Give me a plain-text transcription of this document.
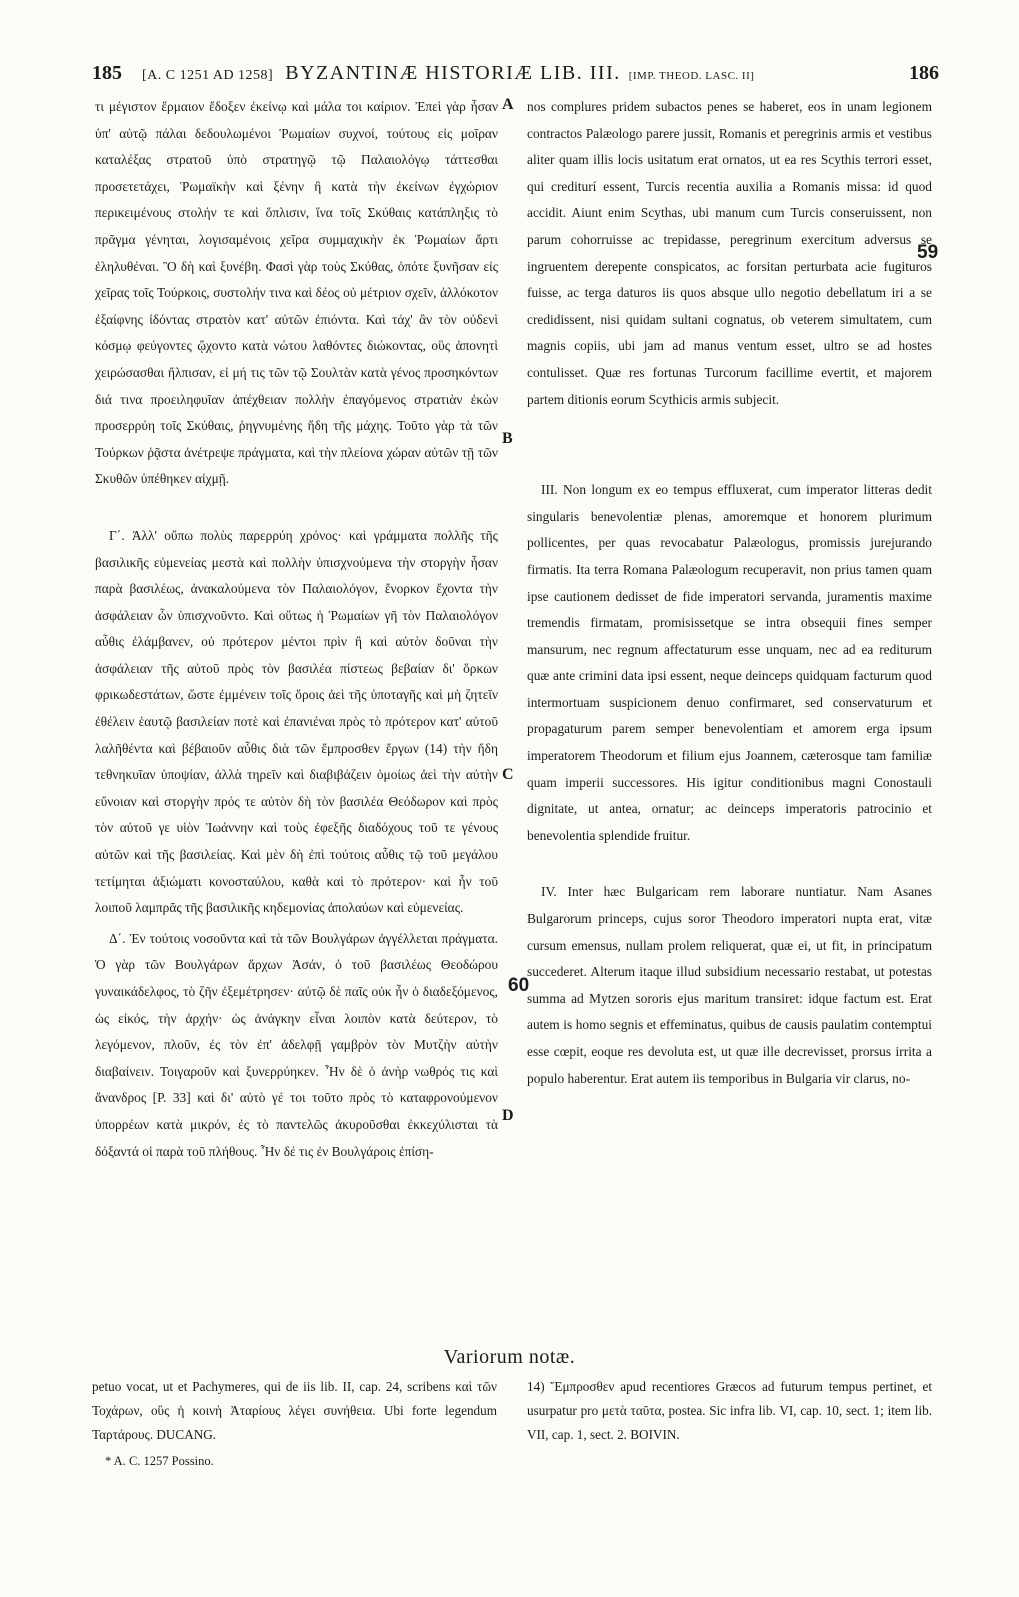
185 [A. C 1251 AD 1258] BYZANTINÆ HISTORIÆ LIB. III. [IMP. THEOD. LASC. II]	186

τι μέγιστον ἔρμαιον ἔδοξεν ἐκείνῳ καὶ μάλα τοι καίριον. Ἐπεὶ γὰρ ἦσαν ὑπ' αὐτῷ πάλαι δεδουλωμένοι Ῥωμαίων συχνοί, τούτους εἰς μοῖραν καταλέξας στρατοῦ ὑπὸ στρατηγῷ τῷ Παλαιολόγῳ τάττεσθαι προσετετάχει, Ῥωμαϊκὴν καὶ ξένην ἢ κατὰ τὴν ἐκείνων ἐγχώριον περικειμένους στολήν τε καὶ ὅπλισιν, ἵνα τοῖς Σκύθαις κατάπληξις τὸ πρᾶγμα γένηται, λογισαμένοις χεῖρα συμμαχικὴν ἐκ Ῥωμαίων ἄρτι ἐληλυθέναι. Ὃ δὴ καὶ ξυνέβη. Φασὶ γὰρ τοὺς Σκύθας, ὁπότε ξυνῆσαν εἰς χεῖρας τοῖς Τούρκοις, συστολήν τινα καὶ δέος οὐ μέτριον σχεῖν, ἀλλόκοτον ἐξαίφνης ἰδόντας στρατὸν κατ' αὐτῶν ἐπιόντα. Καὶ τάχ' ἂν τὸν οὐδενὶ κόσμῳ φεύγοντες ᾤχοντο κατὰ νώτου λαθόντες διώκοντας, οὓς ἀπονητὶ χειρώσασθαι ἤλπισαν, εἰ μή τις τῶν τῷ Σουλτὰν κατὰ γένος προσηκόντων διά τινα προειληφυῖαν ἀπέχθειαν πολλὴν ἐπαγόμενος στρατιὰν ἐκὼν προσερρύη τοῖς Σκύθαις, ῥηγνυμένης ἤδη τῆς μάχης. Τοῦτο γὰρ τὰ τῶν Τούρκων ῥᾷστα ἀνέτρεψε πράγματα, καὶ τὴν πλείονα χώραν αὐτῶν τῇ τῶν Σκυθῶν ὑπέθηκεν αἰχμῇ.

Γ΄. Ἀλλ' οὔπω πολὺς παρερρύη χρόνος· καὶ γράμματα πολλῆς τῆς βασιλικῆς εὐμενείας μεστὰ καὶ πολλὴν ὑπισχνούμενα τὴν στοργὴν ἧσαν παρὰ βασιλέως, ἀνακαλούμενα τὸν Παλαιολόγον, ἔνορκον ἔχοντα τὴν ἀσφάλειαν ὧν ὑπισχνοῦντο. Καὶ οὕτως ἡ Ῥωμαίων γῆ τὸν Παλαιολόγον αὖθις ἐλάμβανεν, οὐ πρότερον μέντοι πρὶν ἢ καὶ αὐτὸν δοῦναι τὴν ἀσφάλειαν τῆς αὐτοῦ πρὸς τὸν βασιλέα πίστεως βεβαίαν δι' ὅρκων φρικωδεστάτων, ὥστε ἐμμένειν τοῖς ὅροις ἀεὶ τῆς ὑποταγῆς καὶ μὴ ζητεῖν ἐθέλειν ἑαυτῷ βασιλείαν ποτὲ καὶ ἐπανιέναι πρὸς τὸ πρότερον κατ' αὐτοῦ λαλῆθέντα καὶ βέβαιοῦν αὖθις διὰ τῶν ἔμπροσθεν ἔργων (14) τὴν ἤδη τεθνηκυῖαν ὑποψίαν, ἀλλὰ τηρεῖν καὶ διαβιβάζειν ὁμοίως ἀεὶ τὴν αὐτὴν εὔνοιαν καὶ στοργὴν πρός τε αὐτὸν δὴ τὸν βασιλέα Θεόδωρον καὶ πρὸς τὸν αὐτοῦ γε υἱὸν Ἰωάννην καὶ τοὺς ἐφεξῆς διαδόχους τοῦ τε γένους αὐτῶν καὶ τῆς βασιλείας. Καὶ μὲν δὴ ἐπὶ τούτοις αὖθις τῷ τοῦ μεγάλου τετίμηται ἀξιώματι κονοσταύλου, καθὰ καὶ τὸ πρότερον· καὶ ἦν τοῦ λοιποῦ λαμπρᾶς τῆς βασιλικῆς κηδεμονίας ἀπολαύων καὶ εὐμενείας.

Δ΄. Ἐν τούτοις νοσοῦντα καὶ τὰ τῶν Βουλγάρων ἀγγέλλεται πράγματα. Ὁ γὰρ τῶν Βουλγάρων ἄρχων Ἀσάν, ὁ τοῦ βασιλέως Θεοδώρου γυναικάδελφος, τὸ ζῆν ἐξεμέτρησεν· αὐτῷ δὲ παῖς οὐκ ἦν ὁ διαδεξόμενος, ὡς εἰκός, τὴν ἀρχήν· ὡς ἀνάγκην εἶναι λοιπὸν κατὰ δεύτερον, τὸ λεγόμενον, πλοῦν, ἐς τὸν ἐπ' ἀδελφῇ γαμβρὸν τὸν Μυτζὴν αὐτὴν διαβαίνειν. Τοιγαροῦν καὶ ξυνερρύηκεν. Ἦν δὲ ὁ ἀνὴρ νωθρός τις καὶ ἄνανδρος [P. 33] καὶ δι' αὐτὸ γέ τοι τοῦτο πρὸς τὸ καταφρονούμενον ὑπορρέων κατὰ μικρόν, ἐς τὸ παντελῶς ἀκυροῦσθαι ἐκκεχύλισται τὰ δόξαντά οἱ παρὰ τοῦ πλήθους. Ἦν δέ τις ἐν Βουλγάροις ἐπίση-

nos complures pridem subactos penes se haberet, eos in unam legionem contractos Palæologo parere jussit, Romanis et peregrinis armis et vestibus aliter quam illis locis usitatum erat ornatos, ut ea res Scythis terrori esset, qui crediturí essent, Turcis recentia auxilia a Romanis missa: id quod accidit. Aiunt enim Scythas, ubi manum cum Turcis conseruissent, non parum cohorruisse ac trepidasse, peregrinum exercitum adversus se ingruentem derepente conspicatos, ac forsitan perturbata acie fugituros fuisse, ac terga daturos iis quos absque ullo negotio debellatum iri a se credidissent, nisi quidam sultani cognatus, ob veterem simultatem, cum magnis copiis, ubi jam ad manus ventum esset, ultro se ad hostes contulisset. Quæ res fortunas Turcorum facillime evertit, et majorem partem ditionis eorum Scythicis armis subjecit.

III. Non longum ex eo tempus effluxerat, cum imperator litteras dedit singularis benevolentiæ plenas, amoremque et honorem plurimum pollicentes, per quas revocabatur Palæologus, promissis jurejurando firmatis. Ita terra Romana Palæologum recuperavit, non prius tamen quam ipse cautionem dedisset de fide imperatori servanda, juramentis maxime tremendis firmatam, promisissetque se intra obsequii fines semper mansurum, nec regnum affectaturum esse unquam, nec ad ea rediturum quæ ante crimini data ipsi essent, neque deinceps quidquam facturum quod intermortuam suspicionem denuo confirmaret, sed conservaturum et propagaturum parem semper benevolentiam et amorem erga ipsum imperatorem Theodorum et filium ejus Joannem, cæterosque tam familiæ quam imperii successores. His igitur conditionibus magni Conostauli dignitate, ut antea, ornatur; ac deinceps imperatoris patrocinio et benevolentia splendide fruitur.

IV. Inter hæc Bulgaricam rem laborare nuntiatur. Nam Asanes Bulgarorum princeps, cujus soror Theodoro imperatori nupta erat, vitæ cursum emensus, nullam prolem reliquerat, quæ ei, ut fit, in principatum succederet. Alterum itaque illud subsidium necessario restabat, ut potestas summa ad Mytzen sororis ejus maritum transiret: idque factum est. Erat autem is homo segnis et effeminatus, quibus de causis paulatim contemptui esse cœpit, eoque res devoluta est, ut quæ ille decrevisset, prorsus irrita a populo haberentur. Erat autem iis temporibus in Bulgaria vir clarus, no-

A
B
C
D
59
60
Variorum notæ.
petuo vocat, ut et Pachymeres, qui de iis lib. II, cap. 24, scribens καὶ τῶν Τοχάρων, οὓς ἡ κοινὴ Ἀταρίους λέγει συνήθεια. Ubi forte legendum Ταρτάρους. DUCANG.
14) Ἔμπροσθεν apud recentiores Græcos ad futurum tempus pertinet, et usurpatur pro μετὰ ταῦτα, postea. Sic infra lib. VI, cap. 10, sect. 1; item lib. VII, cap. 1, sect. 2. BOIVIN.
* A. C. 1257 Possino.
